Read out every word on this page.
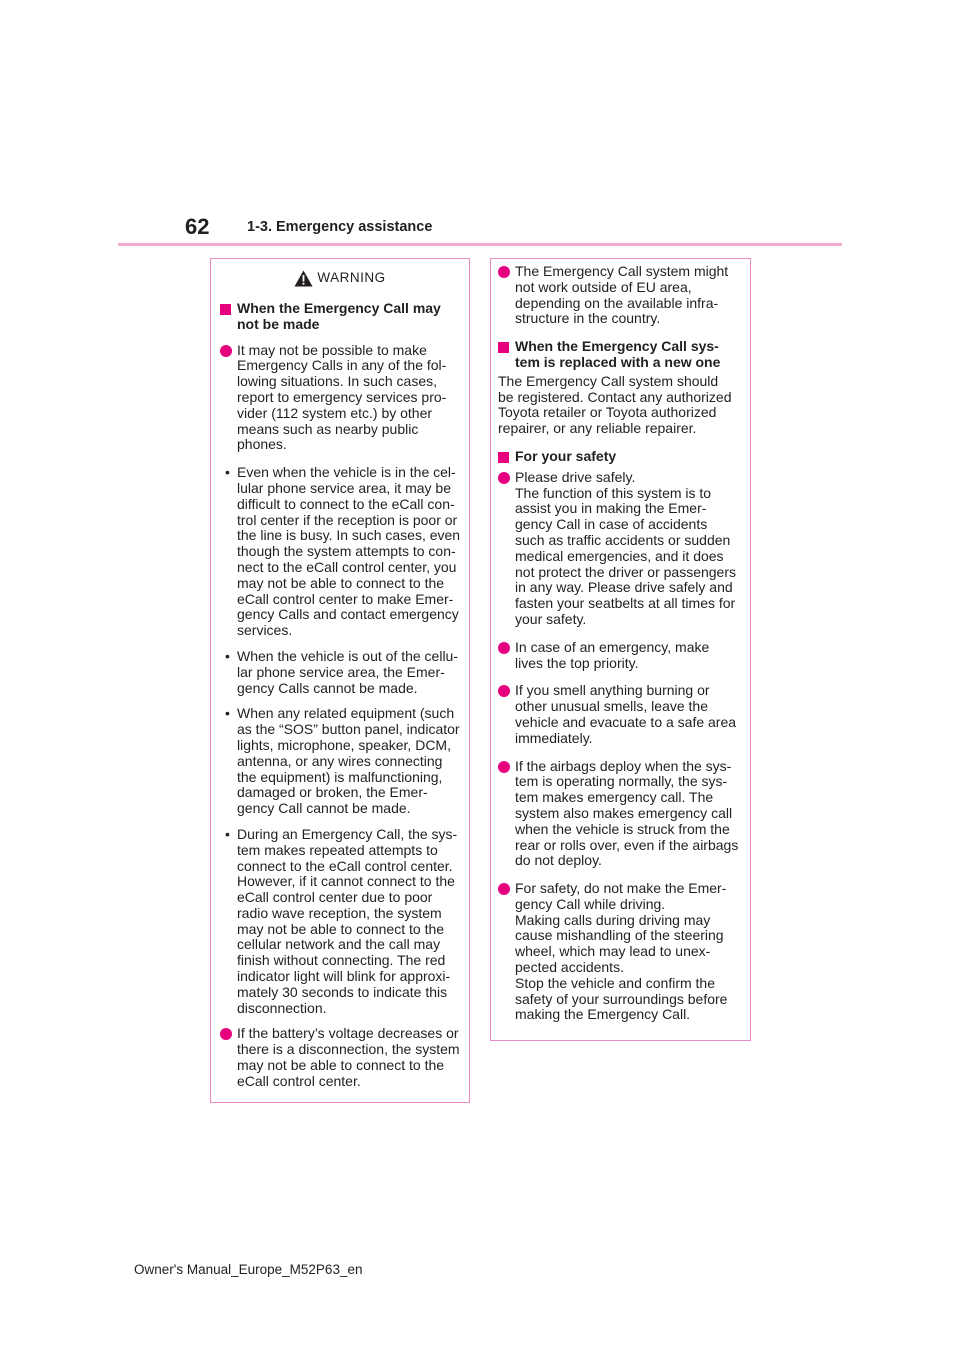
62	1-3. Emergency assistance
WARNING
When the Emergency Call may
not be made
It may not be possible to make
Emergency Calls in any of the fol-
lowing situations. In such cases,
report to emergency services pro-
vider (112 system etc.) by other
means such as nearby public
phones.
• Even when the vehicle is in the cel-
lular phone service area, it may be
difficult to connect to the eCall con-
trol center if the reception is poor or
the line is busy. In such cases, even
though the system attempts to con-
nect to the eCall control center, you
may not be able to connect to the
eCall control center to make Emer-
gency Calls and contact emergency
services.
• When the vehicle is out of the cellu-
lar phone service area, the Emer-
gency Calls cannot be made.
• When any related equipment (such
as the “SOS” button panel, indicator
lights, microphone, speaker, DCM,
antenna, or any wires connecting
the equipment) is malfunctioning,
damaged or broken, the Emer-
gency Call cannot be made.
• During an Emergency Call, the sys-
tem makes repeated attempts to
connect to the eCall control center.
However, if it cannot connect to the
eCall control center due to poor
radio wave reception, the system
may not be able to connect to the
cellular network and the call may
finish without connecting. The red
indicator light will blink for approxi-
mately 30 seconds to indicate this
disconnection.
If the battery’s voltage decreases or
there is a disconnection, the system
may not be able to connect to the
eCall control center.
The Emergency Call system might
not work outside of EU area,
depending on the available infra-
structure in the country.
When the Emergency Call sys-
tem is replaced with a new one

The Emergency Call system should
be registered. Contact any authorized
Toyota retailer or Toyota authorized
repairer, or any reliable repairer.

For your safety
Please drive safely.
The function of this system is to
assist you in making the Emer-
gency Call in case of accidents
such as traffic accidents or sudden
medical emergencies, and it does
not protect the driver or passengers
in any way. Please drive safely and
fasten your seatbelts at all times for
your safety.
In case of an emergency, make
lives the top priority.
If you smell anything burning or
other unusual smells, leave the
vehicle and evacuate to a safe area
immediately.
If the airbags deploy when the sys-
tem is operating normally, the sys-
tem makes emergency call. The
system also makes emergency call
when the vehicle is struck from the
rear or rolls over, even if the airbags
do not deploy.
For safety, do not make the Emer-
gency Call while driving.
Making calls during driving may
cause mishandling of the steering
wheel, which may lead to unex-
pected accidents.
Stop the vehicle and confirm the
safety of your surroundings before
making the Emergency Call.
Owner's Manual_Europe_M52P63_en
